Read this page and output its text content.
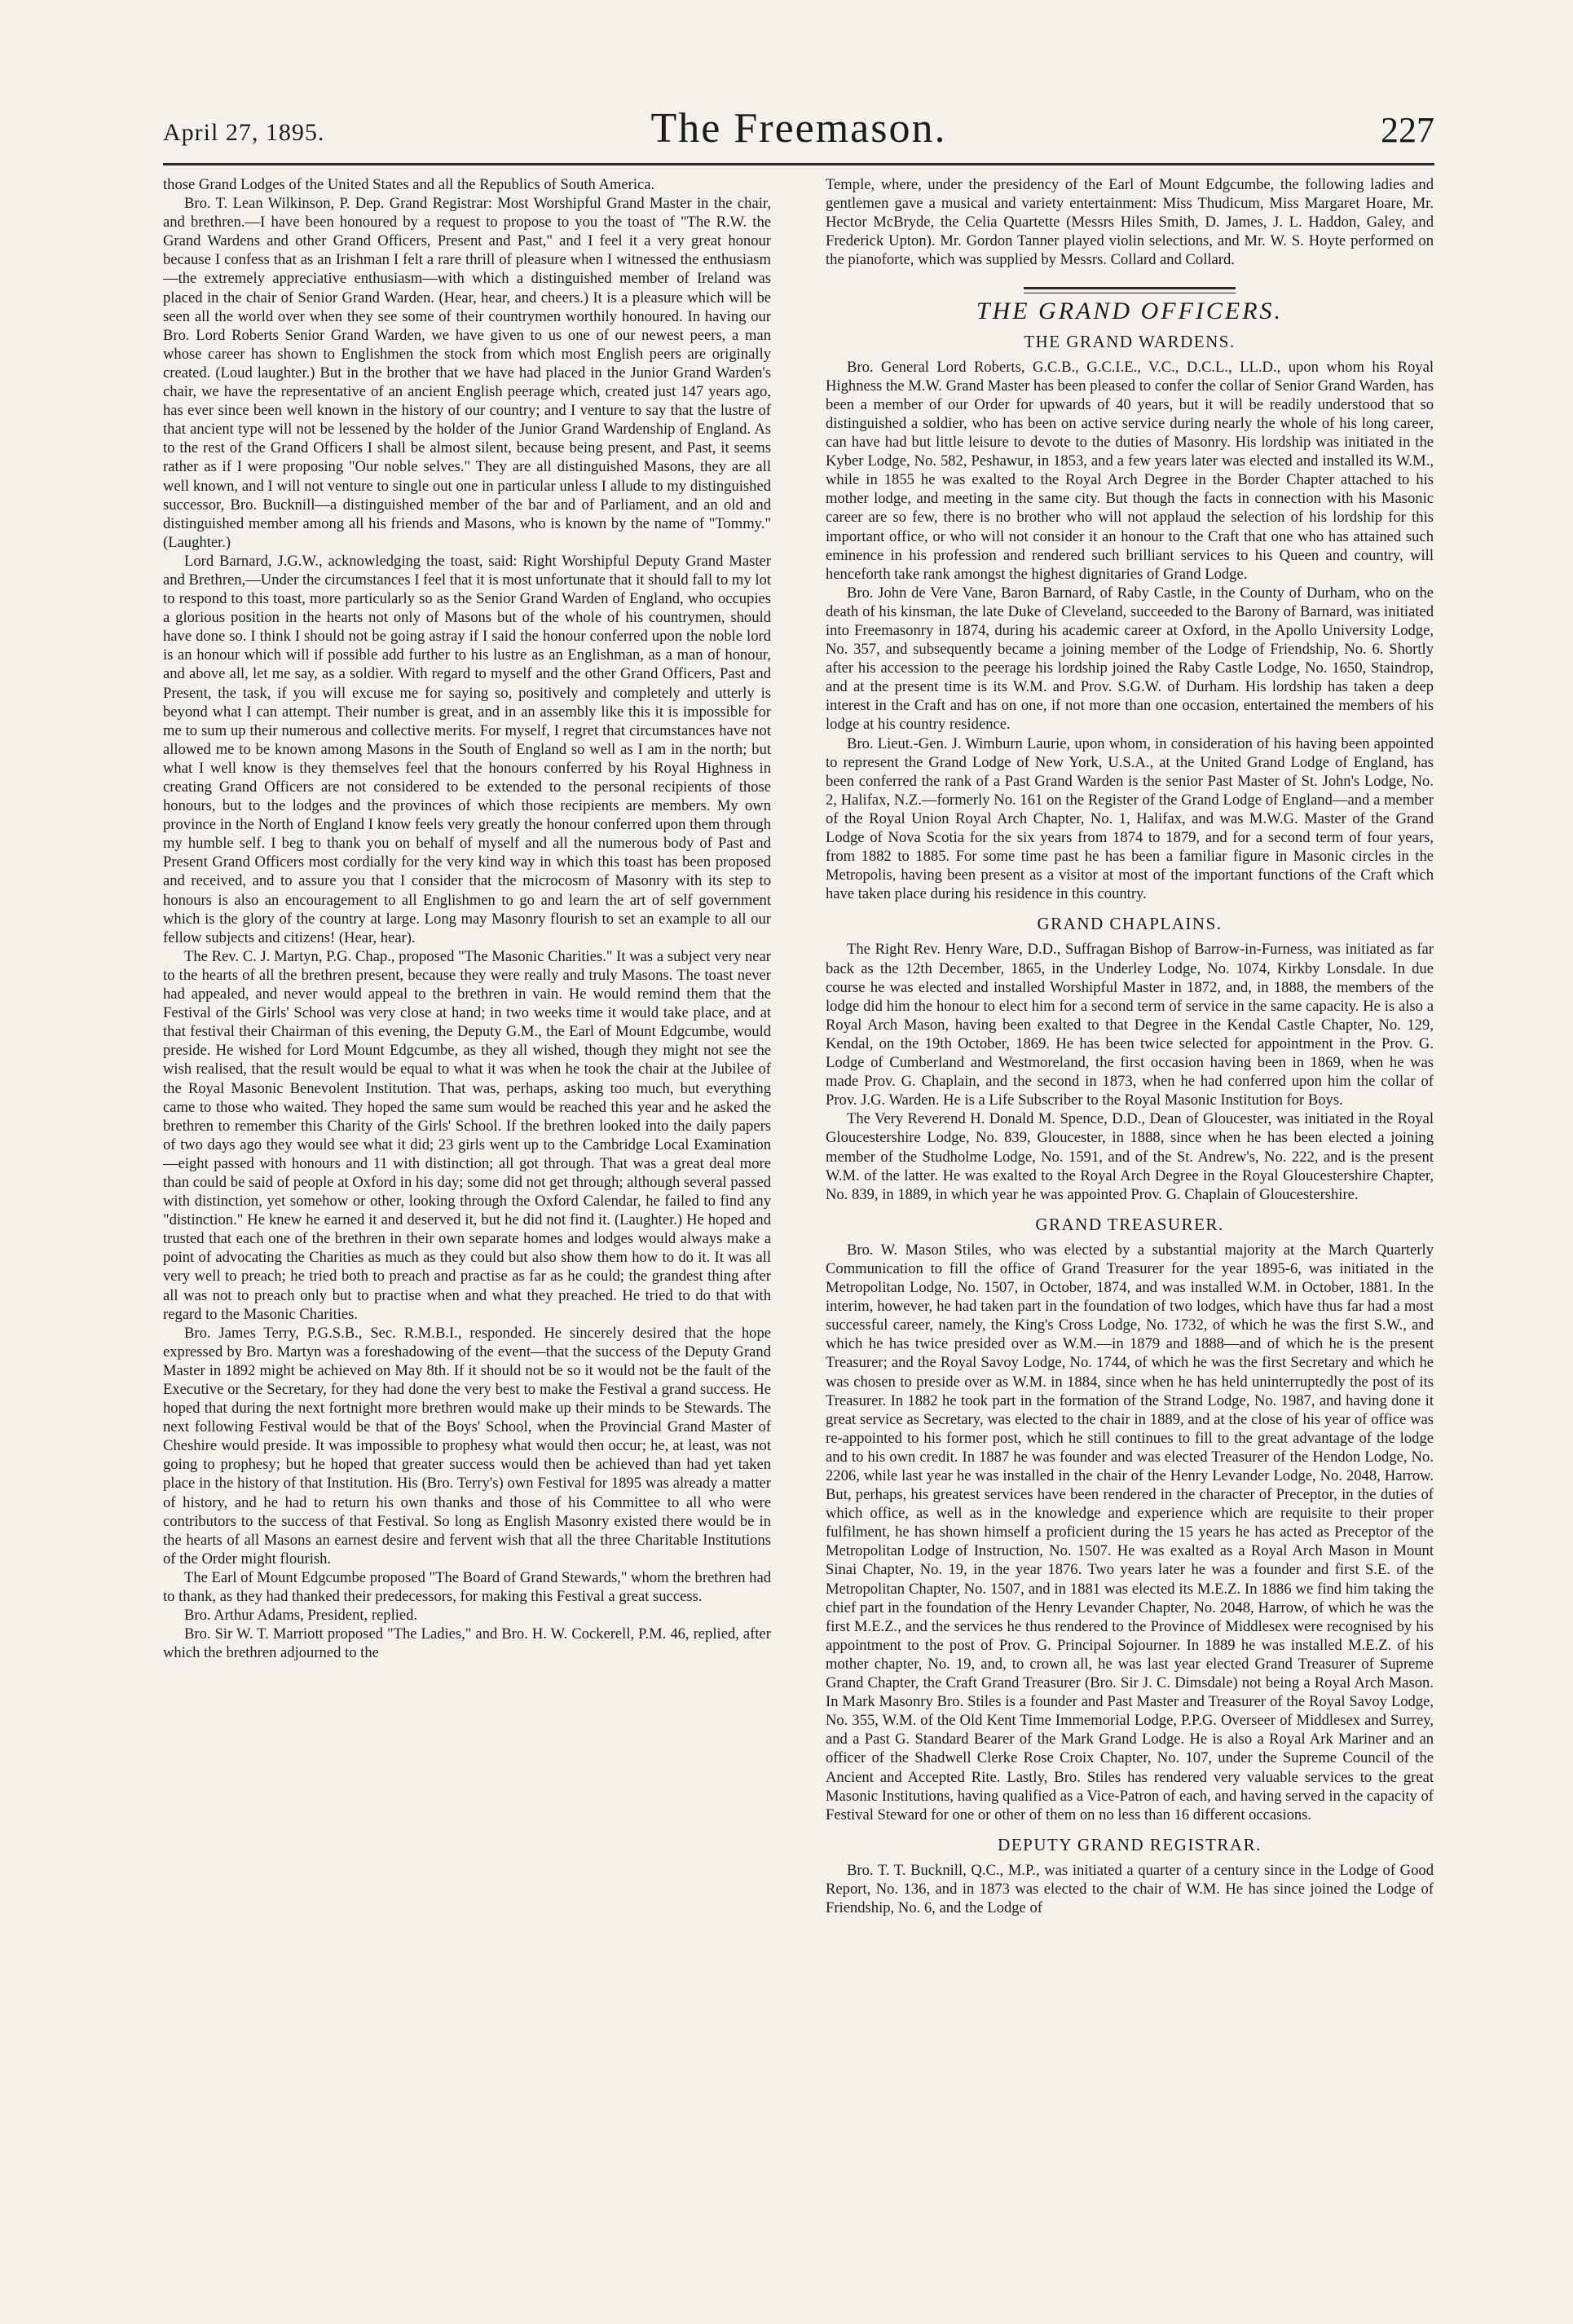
April 27, 1895.	The Freemason.	227

those Grand Lodges of the United States and all the Republics of South America.

Bro. T. Lean Wilkinson, P. Dep. Grand Registrar: Most Worshipful Grand Master in the chair, and brethren.—I have been honoured by a request to propose to you the toast of "The R.W. the Grand Wardens and other Grand Officers, Present and Past," and I feel it a very great honour because I confess that as an Irishman I felt a rare thrill of pleasure when I witnessed the enthusiasm—the extremely appreciative enthusiasm—with which a distinguished member of Ireland was placed in the chair of Senior Grand Warden. (Hear, hear, and cheers.) It is a pleasure which will be seen all the world over when they see some of their countrymen worthily honoured. In having our Bro. Lord Roberts Senior Grand Warden, we have given to us one of our newest peers, a man whose career has shown to Englishmen the stock from which most English peers are originally created. (Loud laughter.) But in the brother that we have had placed in the Junior Grand Warden's chair, we have the representative of an ancient English peerage which, created just 147 years ago, has ever since been well known in the history of our country; and I venture to say that the lustre of that ancient type will not be lessened by the holder of the Junior Grand Wardenship of England. As to the rest of the Grand Officers I shall be almost silent, because being present, and Past, it seems rather as if I were proposing "Our noble selves." They are all distinguished Masons, they are all well known, and I will not venture to single out one in particular unless I allude to my distinguished successor, Bro. Bucknill—a distinguished member of the bar and of Parliament, and an old and distinguished member among all his friends and Masons, who is known by the name of "Tommy." (Laughter.)

Lord Barnard, J.G.W., acknowledging the toast, said: Right Worshipful Deputy Grand Master and Brethren,—Under the circumstances I feel that it is most unfortunate that it should fall to my lot to respond to this toast, more particularly so as the Senior Grand Warden of England, who occupies a glorious position in the hearts not only of Masons but of the whole of his countrymen, should have done so. I think I should not be going astray if I said the honour conferred upon the noble lord is an honour which will if possible add further to his lustre as an Englishman, as a man of honour, and above all, let me say, as a soldier. With regard to myself and the other Grand Officers, Past and Present, the task, if you will excuse me for saying so, positively and completely and utterly is beyond what I can attempt. Their number is great, and in an assembly like this it is impossible for me to sum up their numerous and collective merits. For myself, I regret that circumstances have not allowed me to be known among Masons in the South of England so well as I am in the north; but what I well know is they themselves feel that the honours conferred by his Royal Highness in creating Grand Officers are not considered to be extended to the personal recipients of those honours, but to the lodges and the provinces of which those recipients are members. My own province in the North of England I know feels very greatly the honour conferred upon them through my humble self. I beg to thank you on behalf of myself and all the numerous body of Past and Present Grand Officers most cordially for the very kind way in which this toast has been proposed and received, and to assure you that I consider that the microcosm of Masonry with its step to honours is also an encouragement to all Englishmen to go and learn the art of self government which is the glory of the country at large. Long may Masonry flourish to set an example to all our fellow subjects and citizens! (Hear, hear).

The Rev. C. J. Martyn, P.G. Chap., proposed "The Masonic Charities." It was a subject very near to the hearts of all the brethren present, because they were really and truly Masons. The toast never had appealed, and never would appeal to the brethren in vain. He would remind them that the Festival of the Girls' School was very close at hand; in two weeks time it would take place, and at that festival their Chairman of this evening, the Deputy G.M., the Earl of Mount Edgcumbe, would preside. He wished for Lord Mount Edgcumbe, as they all wished, though they might not see the wish realised, that the result would be equal to what it was when he took the chair at the Jubilee of the Royal Masonic Benevolent Institution. That was, perhaps, asking too much, but everything came to those who waited. They hoped the same sum would be reached this year and he asked the brethren to remember this Charity of the Girls' School. If the brethren looked into the daily papers of two days ago they would see what it did; 23 girls went up to the Cambridge Local Examination—eight passed with honours and 11 with distinction; all got through. That was a great deal more than could be said of people at Oxford in his day; some did not get through; although several passed with distinction, yet somehow or other, looking through the Oxford Calendar, he failed to find any "distinction." He knew he earned it and deserved it, but he did not find it. (Laughter.) He hoped and trusted that each one of the brethren in their own separate homes and lodges would always make a point of advocating the Charities as much as they could but also show them how to do it. It was all very well to preach; he tried both to preach and practise as far as he could; the grandest thing after all was not to preach only but to practise when and what they preached. He tried to do that with regard to the Masonic Charities.

Bro. James Terry, P.G.S.B., Sec. R.M.B.I., responded. He sincerely desired that the hope expressed by Bro. Martyn was a foreshadowing of the event—that the success of the Deputy Grand Master in 1892 might be achieved on May 8th. If it should not be so it would not be the fault of the Executive or the Secretary, for they had done the very best to make the Festival a grand success. He hoped that during the next fortnight more brethren would make up their minds to be Stewards. The next following Festival would be that of the Boys' School, when the Provincial Grand Master of Cheshire would preside. It was impossible to prophesy what would then occur; he, at least, was not going to prophesy; but he hoped that greater success would then be achieved than had yet taken place in the history of that Institution. His (Bro. Terry's) own Festival for 1895 was already a matter of history, and he had to return his own thanks and those of his Committee to all who were contributors to the success of that Festival. So long as English Masonry existed there would be in the hearts of all Masons an earnest desire and fervent wish that all the three Charitable Institutions of the Order might flourish.

The Earl of Mount Edgcumbe proposed "The Board of Grand Stewards," whom the brethren had to thank, as they had thanked their predecessors, for making this Festival a great success.

Bro. Arthur Adams, President, replied.

Bro. Sir W. T. Marriott proposed "The Ladies," and Bro. H. W. Cockerell, P.M. 46, replied, after which the brethren adjourned to the

Temple, where, under the presidency of the Earl of Mount Edgcumbe, the following ladies and gentlemen gave a musical and variety entertainment: Miss Thudicum, Miss Margaret Hoare, Mr. Hector McBryde, the Celia Quartette (Messrs Hiles Smith, D. James, J. L. Haddon, Galey, and Frederick Upton). Mr. Gordon Tanner played violin selections, and Mr. W. S. Hoyte performed on the pianoforte, which was supplied by Messrs. Collard and Collard.

THE GRAND OFFICERS.
THE GRAND WARDENS.

Bro. General Lord Roberts, G.C.B., G.C.I.E., V.C., D.C.L., LL.D., upon whom his Royal Highness the M.W. Grand Master has been pleased to confer the collar of Senior Grand Warden, has been a member of our Order for upwards of 40 years, but it will be readily understood that so distinguished a soldier, who has been on active service during nearly the whole of his long career, can have had but little leisure to devote to the duties of Masonry. His lordship was initiated in the Kyber Lodge, No. 582, Peshawur, in 1853, and a few years later was elected and installed its W.M., while in 1855 he was exalted to the Royal Arch Degree in the Border Chapter attached to his mother lodge, and meeting in the same city. But though the facts in connection with his Masonic career are so few, there is no brother who will not applaud the selection of his lordship for this important office, or who will not consider it an honour to the Craft that one who has attained such eminence in his profession and rendered such brilliant services to his Queen and country, will henceforth take rank amongst the highest dignitaries of Grand Lodge.

Bro. John de Vere Vane, Baron Barnard, of Raby Castle, in the County of Durham, who on the death of his kinsman, the late Duke of Cleveland, succeeded to the Barony of Barnard, was initiated into Freemasonry in 1874, during his academic career at Oxford, in the Apollo University Lodge, No. 357, and subsequently became a joining member of the Lodge of Friendship, No. 6. Shortly after his accession to the peerage his lordship joined the Raby Castle Lodge, No. 1650, Staindrop, and at the present time is its W.M. and Prov. S.G.W. of Durham. His lordship has taken a deep interest in the Craft and has on one, if not more than one occasion, entertained the members of his lodge at his country residence.

Bro. Lieut.-Gen. J. Wimburn Laurie, upon whom, in consideration of his having been appointed to represent the Grand Lodge of New York, U.S.A., at the United Grand Lodge of England, has been conferred the rank of a Past Grand Warden is the senior Past Master of St. John's Lodge, No. 2, Halifax, N.Z.—formerly No. 161 on the Register of the Grand Lodge of England—and a member of the Royal Union Royal Arch Chapter, No. 1, Halifax, and was M.W.G. Master of the Grand Lodge of Nova Scotia for the six years from 1874 to 1879, and for a second term of four years, from 1882 to 1885. For some time past he has been a familiar figure in Masonic circles in the Metropolis, having been present as a visitor at most of the important functions of the Craft which have taken place during his residence in this country.

GRAND CHAPLAINS.

The Right Rev. Henry Ware, D.D., Suffragan Bishop of Barrow-in-Furness, was initiated as far back as the 12th December, 1865, in the Underley Lodge, No. 1074, Kirkby Lonsdale. In due course he was elected and installed Worshipful Master in 1872, and, in 1888, the members of the lodge did him the honour to elect him for a second term of service in the same capacity. He is also a Royal Arch Mason, having been exalted to that Degree in the Kendal Castle Chapter, No. 129, Kendal, on the 19th October, 1869. He has been twice selected for appointment in the Prov. G. Lodge of Cumberland and Westmoreland, the first occasion having been in 1869, when he was made Prov. G. Chaplain, and the second in 1873, when he had conferred upon him the collar of Prov. J.G. Warden. He is a Life Subscriber to the Royal Masonic Institution for Boys.

The Very Reverend H. Donald M. Spence, D.D., Dean of Gloucester, was initiated in the Royal Gloucestershire Lodge, No. 839, Gloucester, in 1888, since when he has been elected a joining member of the Studholme Lodge, No. 1591, and of the St. Andrew's, No. 222, and is the present W.M. of the latter. He was exalted to the Royal Arch Degree in the Royal Gloucestershire Chapter, No. 839, in 1889, in which year he was appointed Prov. G. Chaplain of Gloucestershire.

GRAND TREASURER.

Bro. W. Mason Stiles, who was elected by a substantial majority at the March Quarterly Communication to fill the office of Grand Treasurer for the year 1895-6, was initiated in the Metropolitan Lodge, No. 1507, in October, 1874, and was installed W.M. in October, 1881. In the interim, however, he had taken part in the foundation of two lodges, which have thus far had a most successful career, namely, the King's Cross Lodge, No. 1732, of which he was the first S.W., and which he has twice presided over as W.M.—in 1879 and 1888—and of which he is the present Treasurer; and the Royal Savoy Lodge, No. 1744, of which he was the first Secretary and which he was chosen to preside over as W.M. in 1884, since when he has held uninterruptedly the post of its Treasurer. In 1882 he took part in the formation of the Strand Lodge, No. 1987, and having done it great service as Secretary, was elected to the chair in 1889, and at the close of his year of office was re-appointed to his former post, which he still continues to fill to the great advantage of the lodge and to his own credit. In 1887 he was founder and was elected Treasurer of the Hendon Lodge, No. 2206, while last year he was installed in the chair of the Henry Levander Lodge, No. 2048, Harrow. But, perhaps, his greatest services have been rendered in the character of Preceptor, in the duties of which office, as well as in the knowledge and experience which are requisite to their proper fulfilment, he has shown himself a proficient during the 15 years he has acted as Preceptor of the Metropolitan Lodge of Instruction, No. 1507. He was exalted as a Royal Arch Mason in Mount Sinai Chapter, No. 19, in the year 1876. Two years later he was a founder and first S.E. of the Metropolitan Chapter, No. 1507, and in 1881 was elected its M.E.Z. In 1886 we find him taking the chief part in the foundation of the Henry Levander Chapter, No. 2048, Harrow, of which he was the first M.E.Z., and the services he thus rendered to the Province of Middlesex were recognised by his appointment to the post of Prov. G. Principal Sojourner. In 1889 he was installed M.E.Z. of his mother chapter, No. 19, and, to crown all, he was last year elected Grand Treasurer of Supreme Grand Chapter, the Craft Grand Treasurer (Bro. Sir J. C. Dimsdale) not being a Royal Arch Mason. In Mark Masonry Bro. Stiles is a founder and Past Master and Treasurer of the Royal Savoy Lodge, No. 355, W.M. of the Old Kent Time Immemorial Lodge, P.P.G. Overseer of Middlesex and Surrey, and a Past G. Standard Bearer of the Mark Grand Lodge. He is also a Royal Ark Mariner and an officer of the Shadwell Clerke Rose Croix Chapter, No. 107, under the Supreme Council of the Ancient and Accepted Rite. Lastly, Bro. Stiles has rendered very valuable services to the great Masonic Institutions, having qualified as a Vice-Patron of each, and having served in the capacity of Festival Steward for one or other of them on no less than 16 different occasions.

DEPUTY GRAND REGISTRAR.

Bro. T. T. Bucknill, Q.C., M.P., was initiated a quarter of a century since in the Lodge of Good Report, No. 136, and in 1873 was elected to the chair of W.M. He has since joined the Lodge of Friendship, No. 6, and the Lodge of
